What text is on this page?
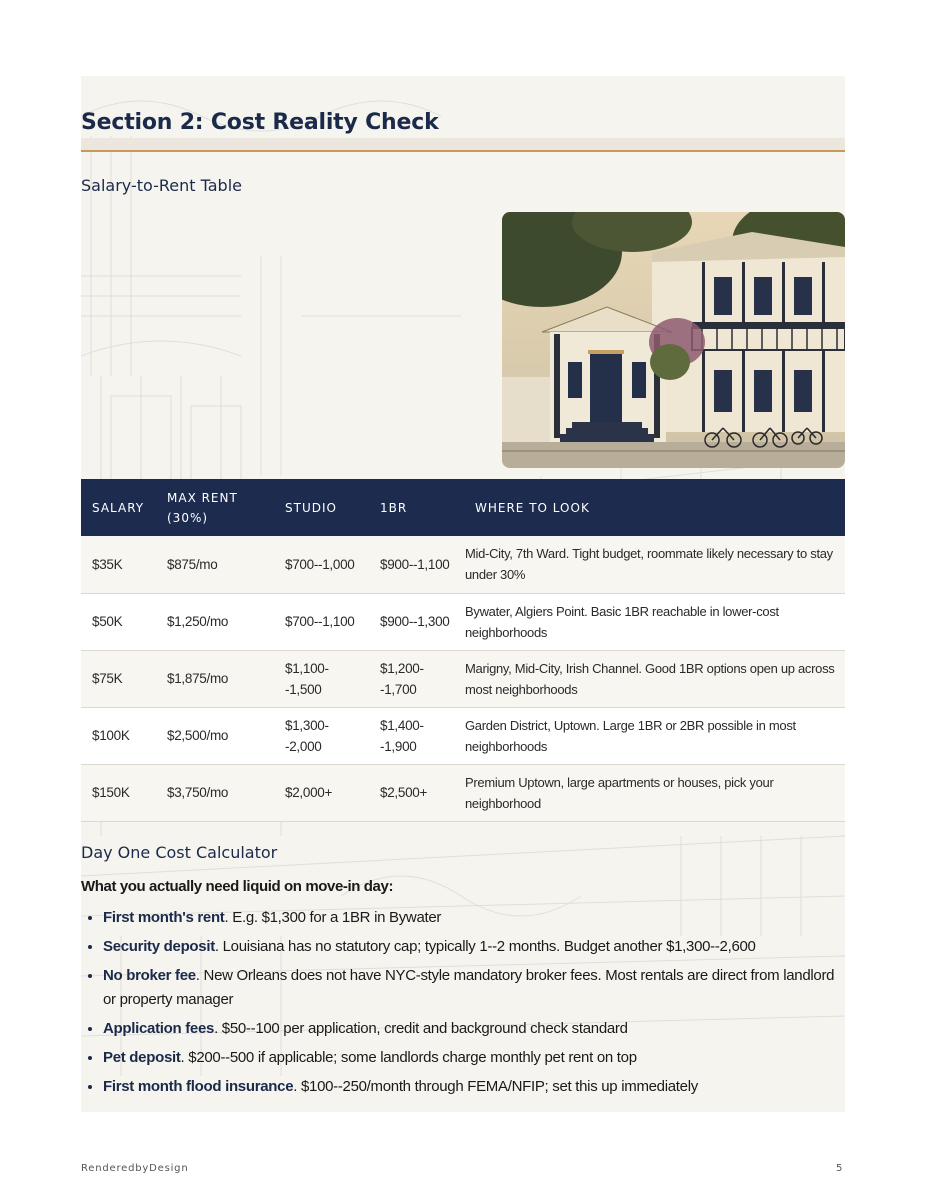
Section 2: Cost Reality Check
Salary-to-Rent Table
SALARY	MAX RENT (30%)	STUDIO	1BR	WHERE TO LOOK
$35K	$875/mo	$700--1,000	$900--1,100	Mid-City, 7th Ward. Tight budget, roommate likely necessary to stay under 30%
$50K	$1,250/mo	$700--1,100	$900--1,300	Bywater, Algiers Point. Basic 1BR reachable in lower-cost neighborhoods
$75K	$1,875/mo	$1,100--1,500	$1,200--1,700	Marigny, Mid-City, Irish Channel. Good 1BR options open up across most neighborhoods
$100K	$2,500/mo	$1,300--2,000	$1,400--1,900	Garden District, Uptown. Large 1BR or 2BR possible in most neighborhoods
$150K	$3,750/mo	$2,000+	$2,500+	Premium Uptown, large apartments or houses, pick your neighborhood
Day One Cost Calculator

What you actually need liquid on move-in day:

• First month's rent. E.g. $1,300 for a 1BR in Bywater
• Security deposit. Louisiana has no statutory cap; typically 1--2 months. Budget another $1,300--2,600
• No broker fee. New Orleans does not have NYC-style mandatory broker fees. Most rentals are direct from landlord or property manager
• Application fees. $50--100 per application, credit and background check standard
• Pet deposit. $200--500 if applicable; some landlords charge monthly pet rent on top
• First month flood insurance. $100--250/month through FEMA/NFIP; set this up immediately

RenderedbyDesign	5
